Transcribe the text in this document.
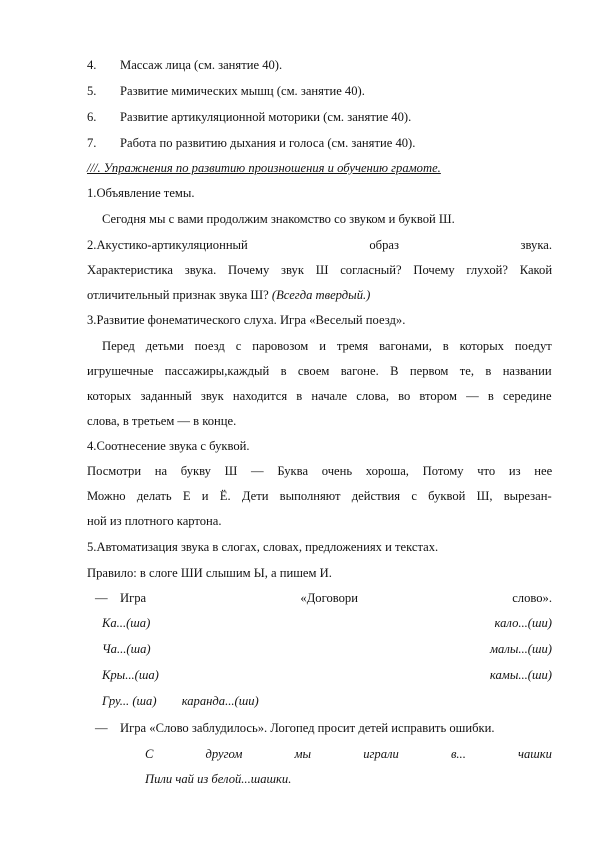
4. Массаж лица (см. занятие 40).
5. Развитие мимических мышц (см. занятие 40).
6. Развитие артикуляционной моторики (см. занятие 40).
7. Работа по развитию дыхания и голоса (см. занятие 40).
///. Упражнения по развитию произношения и обучению грамоте.
1.Объявление темы.
Сегодня мы с вами продолжим знакомство со звуком и буквой Ш.
2.Акустико-артикуляционный	образ	звука.
Характеристика звука. Почему звук Ш согласный? Почему глухой? Какой
отличительный признак звука Ш? (Всегда твердый.)
3.Развитие фонематического слуха. Игра «Веселый поезд».
Перед детьми поезд с паровозом и тремя вагонами, в которых поедут
игрушечные пассажиры,каждый в своем вагоне. В первом те, в названии
которых заданный звук находится в начале слова, во втором — в середине
слова, в третьем — в конце.
4.Соотнесение звука с буквой.
Посмотри на букву Ш — Буква очень хороша, Потому что из нее
Можно делать Е и Ё. Дети выполняют действия с буквой Ш, вырезан-
ной из плотного картона.
5.Автоматизация звука в слогах, словах, предложениях и текстах.
Правило: в слоге ШИ слышим Ы, а пишем И.
— Игра	«Договори	слово».
Ка...(ша)	кало...(ши)
Ча...(ша)	малы...(ши)
Кры...(ша)	камы...(ши)
Гру... (ша) каранда...(ши)
— Игра «Слово заблудилось». Логопед просит детей исправить ошибки.
С	другом	мы	играли	в...	чашки
Пили чай из белой...шашки.
